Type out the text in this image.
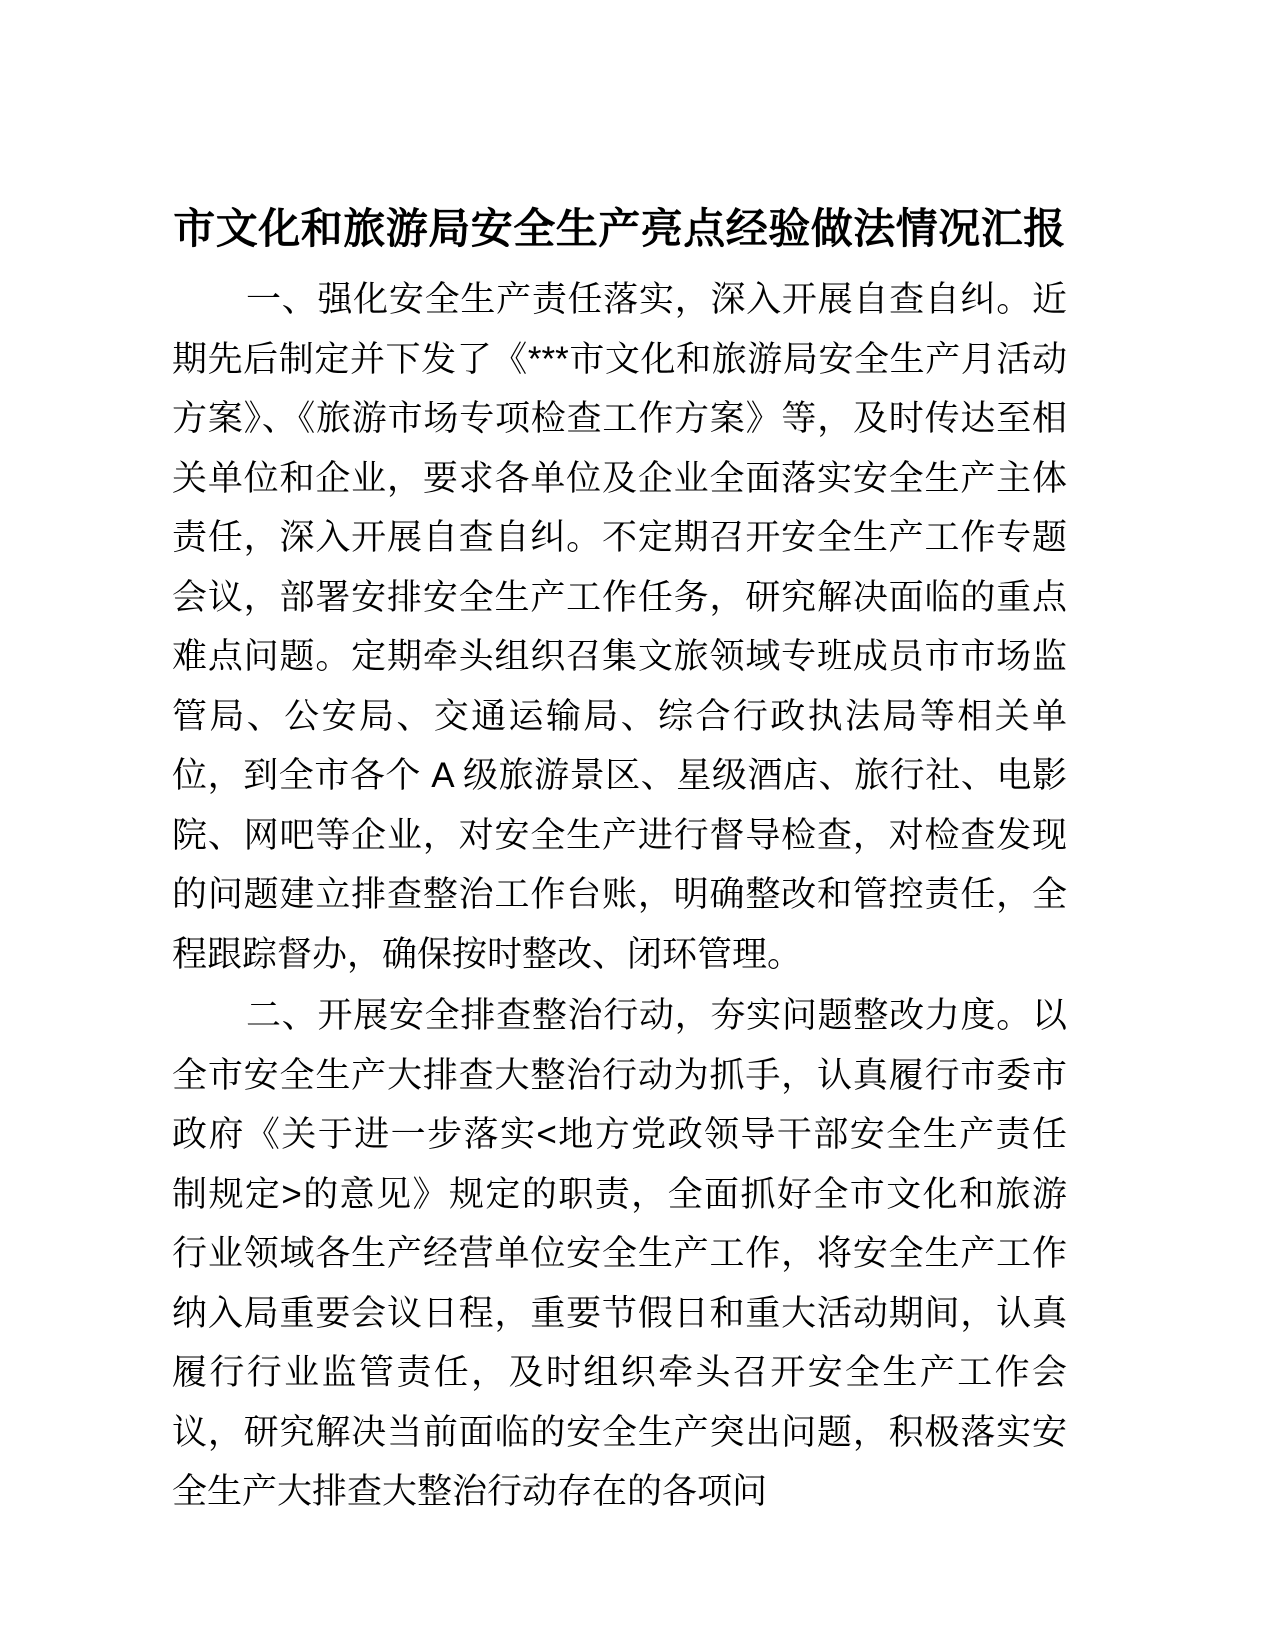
市文化和旅游局安全生产亮点经验做法情况汇报

一、强化安全生产责任落实，深入开展自查自纠。近期先后制定并下发了《***市文化和旅游局安全生产月活动方案》、《旅游市场专项检查工作方案》等，及时传达至相关单位和企业，要求各单位及企业全面落实安全生产主体责任，深入开展自查自纠。不定期召开安全生产工作专题会议，部署安排安全生产工作任务，研究解决面临的重点难点问题。定期牵头组织召集文旅领域专班成员市市场监管局、公安局、交通运输局、综合行政执法局等相关单位，到全市各个 A 级旅游景区、星级酒店、旅行社、电影院、网吧等企业，对安全生产进行督导检查，对检查发现的问题建立排查整治工作台账，明确整改和管控责任，全程跟踪督办，确保按时整改、闭环管理。

二、开展安全排查整治行动，夯实问题整改力度。以全市安全生产大排查大整治行动为抓手，认真履行市委市政府《关于进一步落实<地方党政领导干部安全生产责任制规定>的意见》规定的职责，全面抓好全市文化和旅游行业领域各生产经营单位安全生产工作，将安全生产工作纳入局重要会议日程，重要节假日和重大活动期间，认真履行行业监管责任，及时组织牵头召开安全生产工作会议，研究解决当前面临的安全生产突出问题，积极落实安全生产大排查大整治行动存在的各项问
